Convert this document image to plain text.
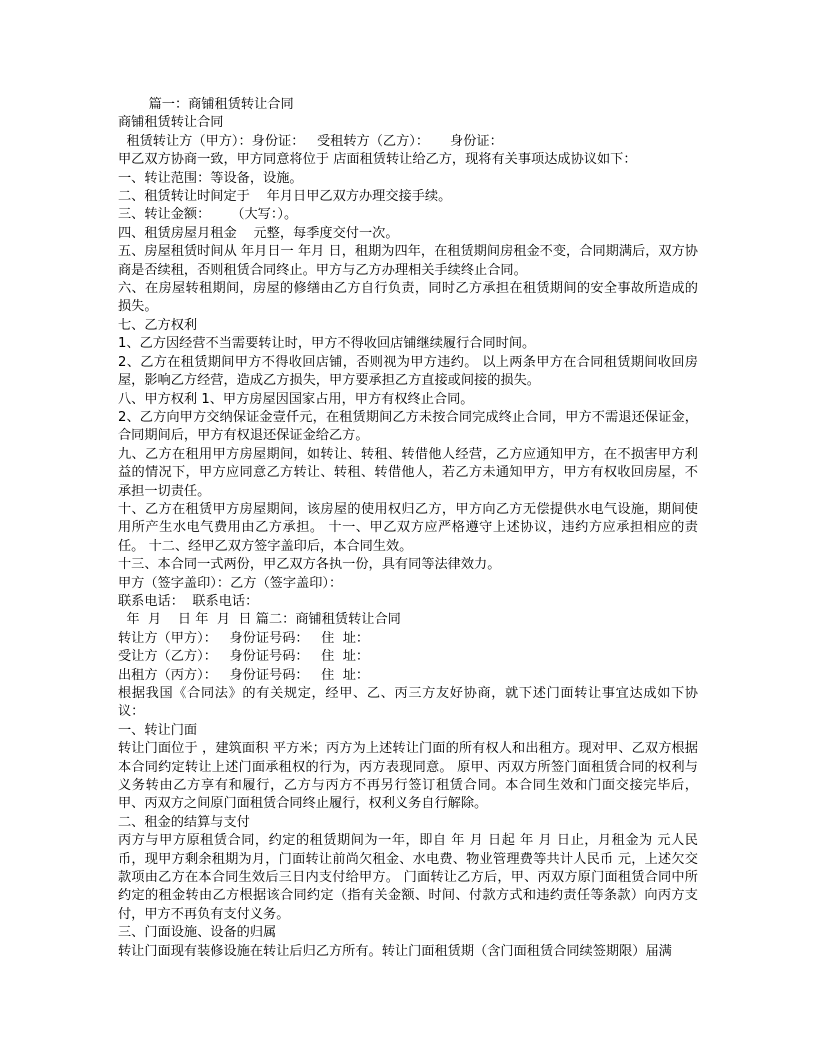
　　 篇一：商铺租赁转让合同
商铺租赁转让合同
租赁转让方（甲方）：身份证：   受租转方（乙方）：     身份证：
甲乙双方协商一致，甲方同意将位于 店面租赁转让给乙方，现将有关事项达成协议如下：
一、转让范围：等设备，设施。
二、租赁转让时间定于    年月日甲乙双方办理交接手续。
三、转让金额：     （大写：）。
四、租赁房屋月租金    元整，每季度交付一次。
五、房屋租赁时间从 年月日一 年月 日，租期为四年，在租赁期间房租金不变，合同期满后，双方协商是否续租，否则租赁合同终止。甲方与乙方办理相关手续终止合同。
六、在房屋转租期间，房屋的修缮由乙方自行负责，同时乙方承担在租赁期间的安全事故所造成的损失。
七、乙方权利
1、乙方因经营不当需要转让时，甲方不得收回店铺继续履行合同时间。
2、乙方在租赁期间甲方不得收回店铺，否则视为甲方违约。 以上两条甲方在合同租赁期间收回房屋，影响乙方经营，造成乙方损失，甲方要承担乙方直接或间接的损失。
八、甲方权利 1、甲方房屋因国家占用，甲方有权终止合同。
2、乙方向甲方交纳保证金壹仟元，在租赁期间乙方未按合同完成终止合同，甲方不需退还保证金，合同期间后，甲方有权退还保证金给乙方。
九、乙方在租用甲方房屋期间，如转让、转租、转借他人经营，乙方应通知甲方，在不损害甲方利益的情况下，甲方应同意乙方转让、转租、转借他人，若乙方未通知甲方，甲方有权收回房屋，不承担一切责任。
十、乙方在租赁甲方房屋期间，该房屋的使用权归乙方，甲方向乙方无偿提供水电气设施，期间使用所产生水电气费用由乙方承担。 十一、甲乙双方应严格遵守上述协议，违约方应承担相应的责任。 十二、经甲乙双方签字盖印后，本合同生效。
十三、本合同一式两份，甲乙双方各执一份，具有同等法律效力。
甲方（签字盖印）：乙方（签字盖印）：
联系电话：  联系电话：
年  月    日 年  月  日 篇二：商铺租赁转让合同
转让方（甲方）：   身份证号码：   住  址：
受让方（乙方）：   身份证号码：   住  址：
出租方（丙方）：   身份证号码：   住  址：
根据我国《合同法》的有关规定，经甲、乙、丙三方友好协商，就下述门面转让事宜达成如下协议：
一、转让门面
转让门面位于 ，建筑面积 平方米；丙方为上述转让门面的所有权人和出租方。现对甲、乙双方根据本合同约定转让上述门面承租权的行为，丙方表现同意。 原甲、丙双方所签门面租赁合同的权利与义务转由乙方享有和履行，乙方与丙方不再另行签订租赁合同。本合同生效和门面交接完毕后，甲、丙双方之间原门面租赁合同终止履行，权利义务自行解除。
二、租金的结算与支付
丙方与甲方原租赁合同，约定的租赁期间为一年，即自 年 月 日起 年 月 日止，月租金为 元人民币，现甲方剩余租期为月，门面转让前尚欠租金、水电费、物业管理费等共计人民币 元，上述欠交款项由乙方在本合同生效后三日内支付给甲方。 门面转让乙方后，甲、丙双方原门面租赁合同中所约定的租金转由乙方根据该合同约定（指有关金额、时间、付款方式和违约责任等条款）向丙方支付，甲方不再负有支付义务。
三、门面设施、设备的归属
转让门面现有装修设施在转让后归乙方所有。转让门面租赁期（含门面租赁合同续签期限）届满
